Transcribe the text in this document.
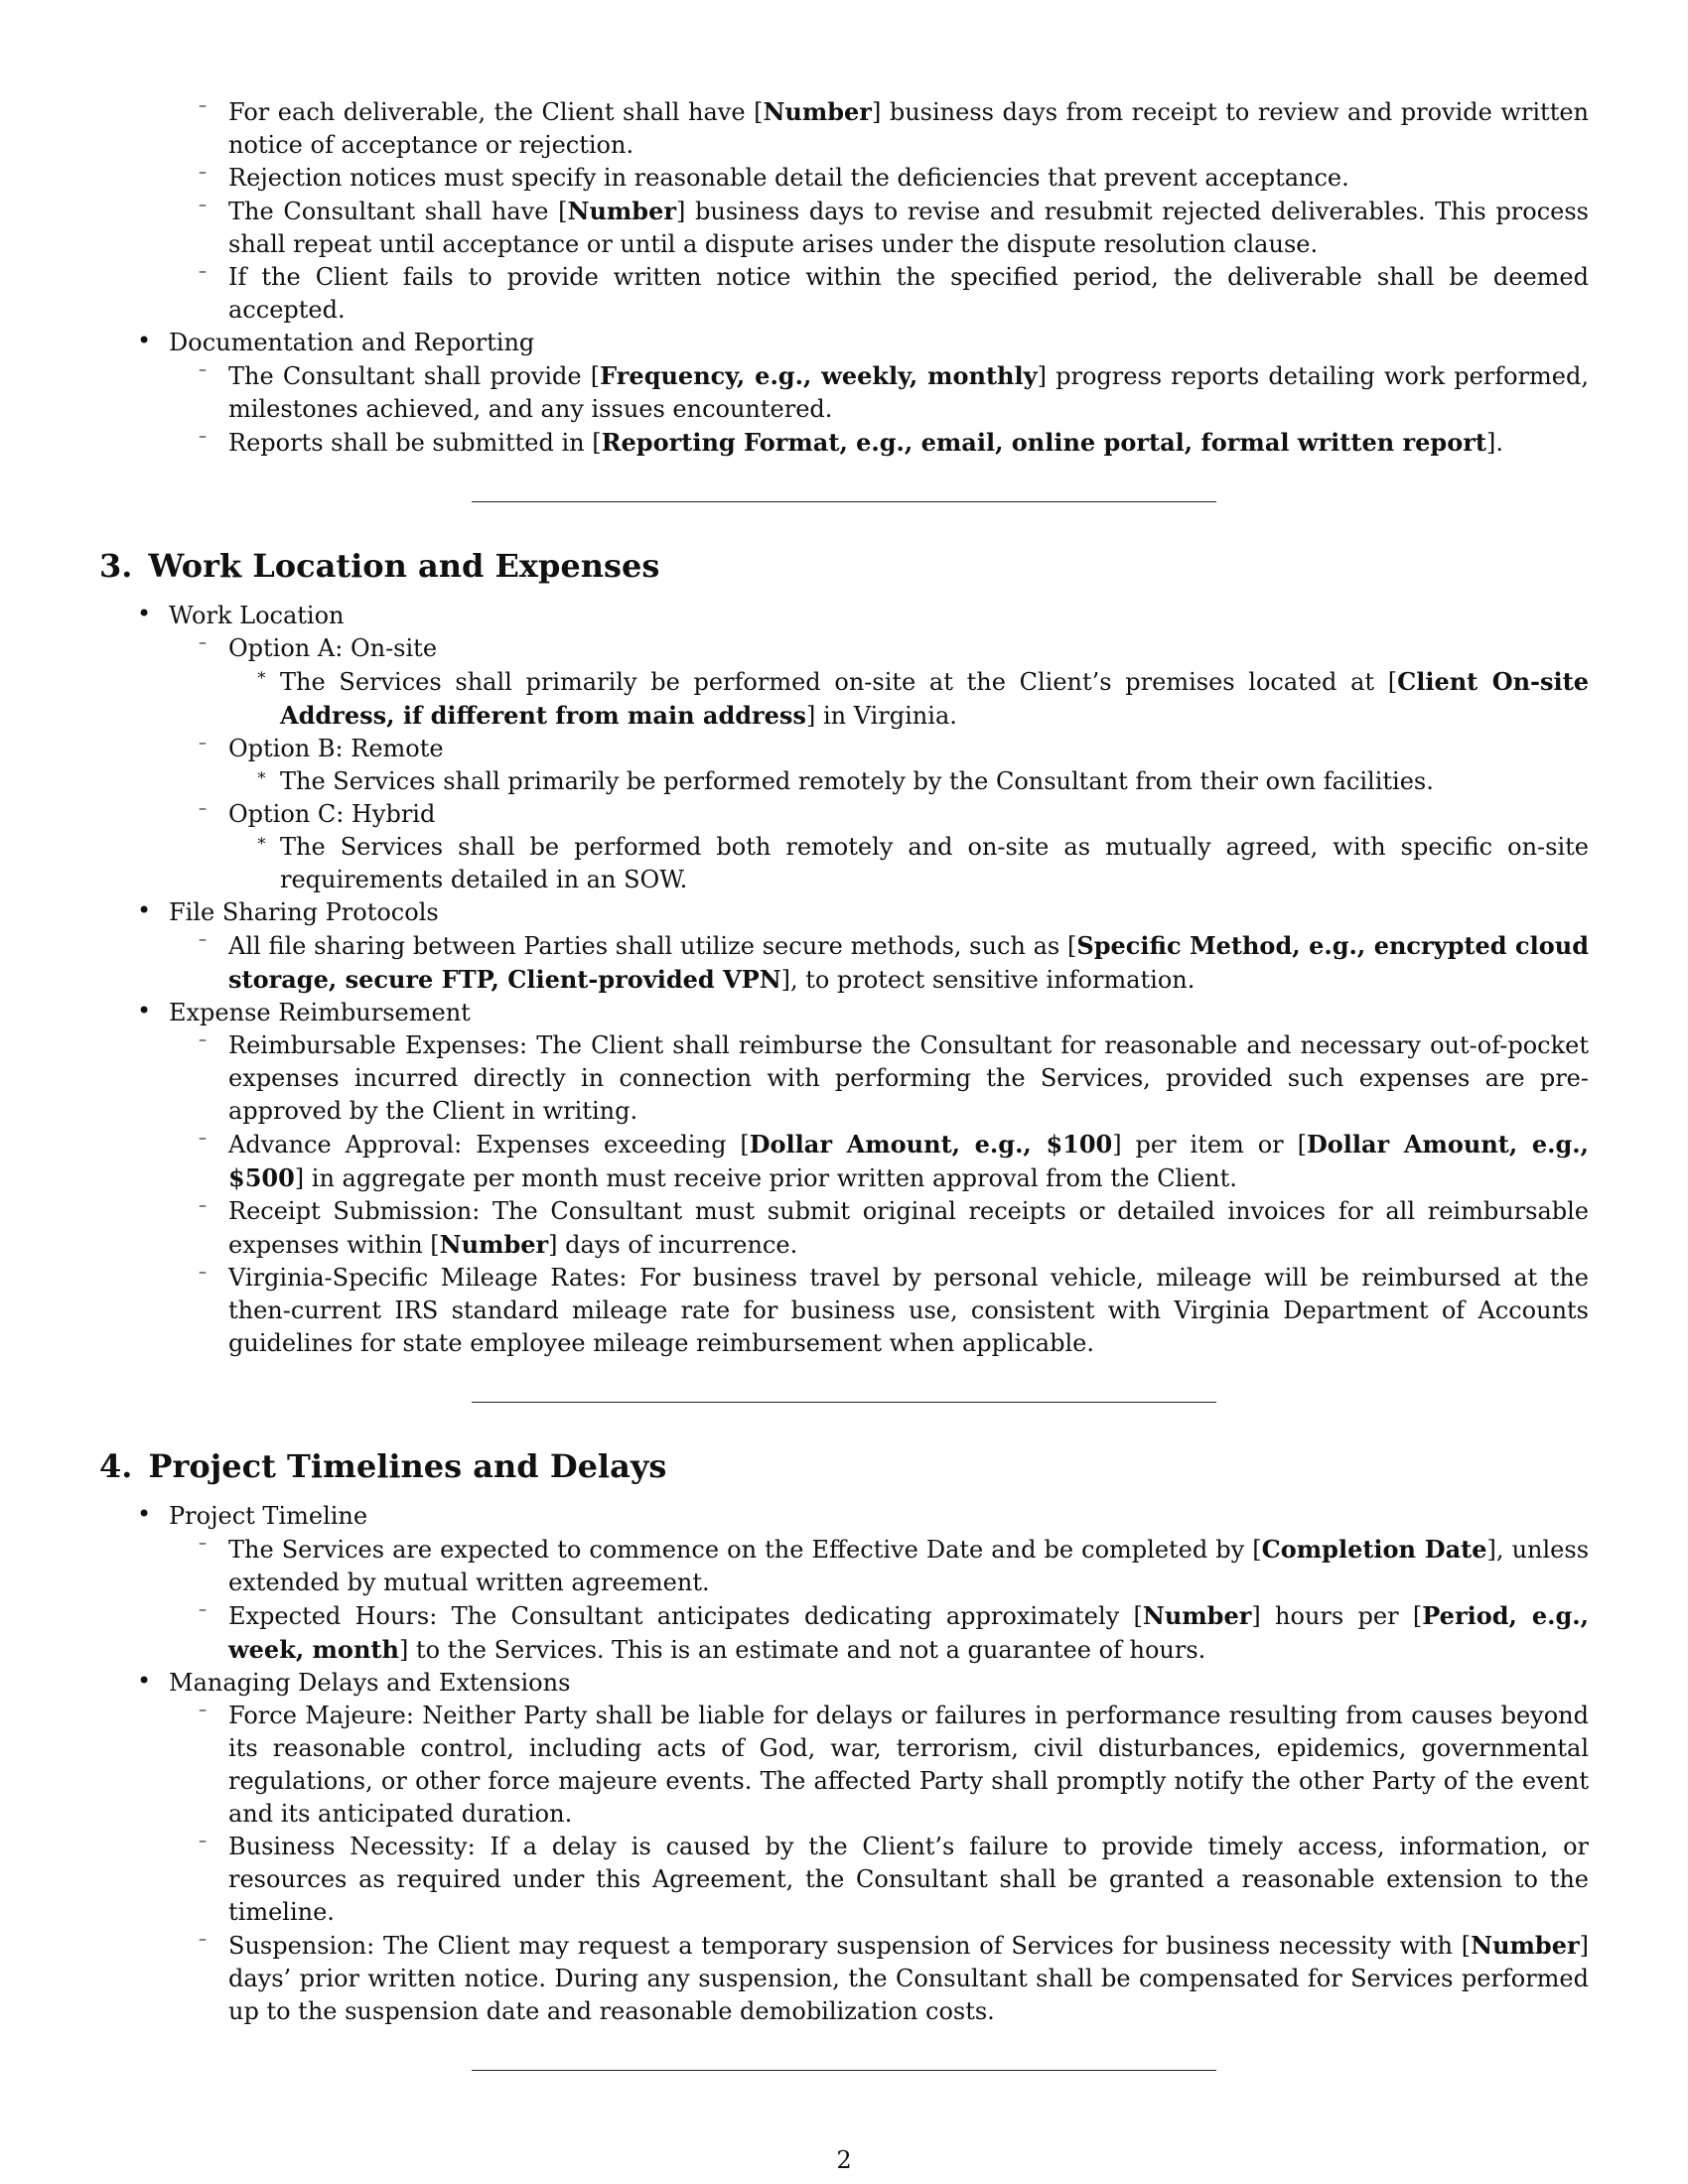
– For each deliverable, the Client shall have [Number] business days from receipt to review and provide written notice of acceptance or rejection.
– Rejection notices must specify in reasonable detail the deficiencies that prevent acceptance.
– The Consultant shall have [Number] business days to revise and resubmit rejected deliverables. This process shall repeat until acceptance or until a dispute arises under the dispute resolution clause.
– If the Client fails to provide written notice within the specified period, the deliverable shall be deemed accepted.
• Documentation and Reporting
– The Consultant shall provide [Frequency, e.g., weekly, monthly] progress reports detailing work performed, milestones achieved, and any issues encountered.
– Reports shall be submitted in [Reporting Format, e.g., email, online portal, formal written report].
3. Work Location and Expenses
• Work Location
– Option A: On-site
∗ The Services shall primarily be performed on-site at the Client’s premises located at [Client On-site Address, if different from main address] in Virginia.
– Option B: Remote
∗ The Services shall primarily be performed remotely by the Consultant from their own facilities.
– Option C: Hybrid
∗ The Services shall be performed both remotely and on-site as mutually agreed, with specific on-site requirements detailed in an SOW.
• File Sharing Protocols
– All file sharing between Parties shall utilize secure methods, such as [Specific Method, e.g., encrypted cloud storage, secure FTP, Client-provided VPN], to protect sensitive information.
• Expense Reimbursement
– Reimbursable Expenses: The Client shall reimburse the Consultant for reasonable and necessary out-of-pocket expenses incurred directly in connection with performing the Services, provided such expenses are pre-approved by the Client in writing.
– Advance Approval: Expenses exceeding [Dollar Amount, e.g., $100] per item or [Dollar Amount, e.g., $500] in aggregate per month must receive prior written approval from the Client.
– Receipt Submission: The Consultant must submit original receipts or detailed invoices for all reimbursable expenses within [Number] days of incurrence.
– Virginia-Specific Mileage Rates: For business travel by personal vehicle, mileage will be reimbursed at the then-current IRS standard mileage rate for business use, consistent with Virginia Department of Accounts guidelines for state employee mileage reimbursement when applicable.
4. Project Timelines and Delays
• Project Timeline
– The Services are expected to commence on the Effective Date and be completed by [Completion Date], unless extended by mutual written agreement.
– Expected Hours: The Consultant anticipates dedicating approximately [Number] hours per [Period, e.g., week, month] to the Services. This is an estimate and not a guarantee of hours.
• Managing Delays and Extensions
– Force Majeure: Neither Party shall be liable for delays or failures in performance resulting from causes beyond its reasonable control, including acts of God, war, terrorism, civil disturbances, epidemics, governmental regulations, or other force majeure events. The affected Party shall promptly notify the other Party of the event and its anticipated duration.
– Business Necessity: If a delay is caused by the Client’s failure to provide timely access, information, or resources as required under this Agreement, the Consultant shall be granted a reasonable extension to the timeline.
– Suspension: The Client may request a temporary suspension of Services for business necessity with [Number] days’ prior written notice. During any suspension, the Consultant shall be compensated for Services performed up to the suspension date and reasonable demobilization costs.
2
